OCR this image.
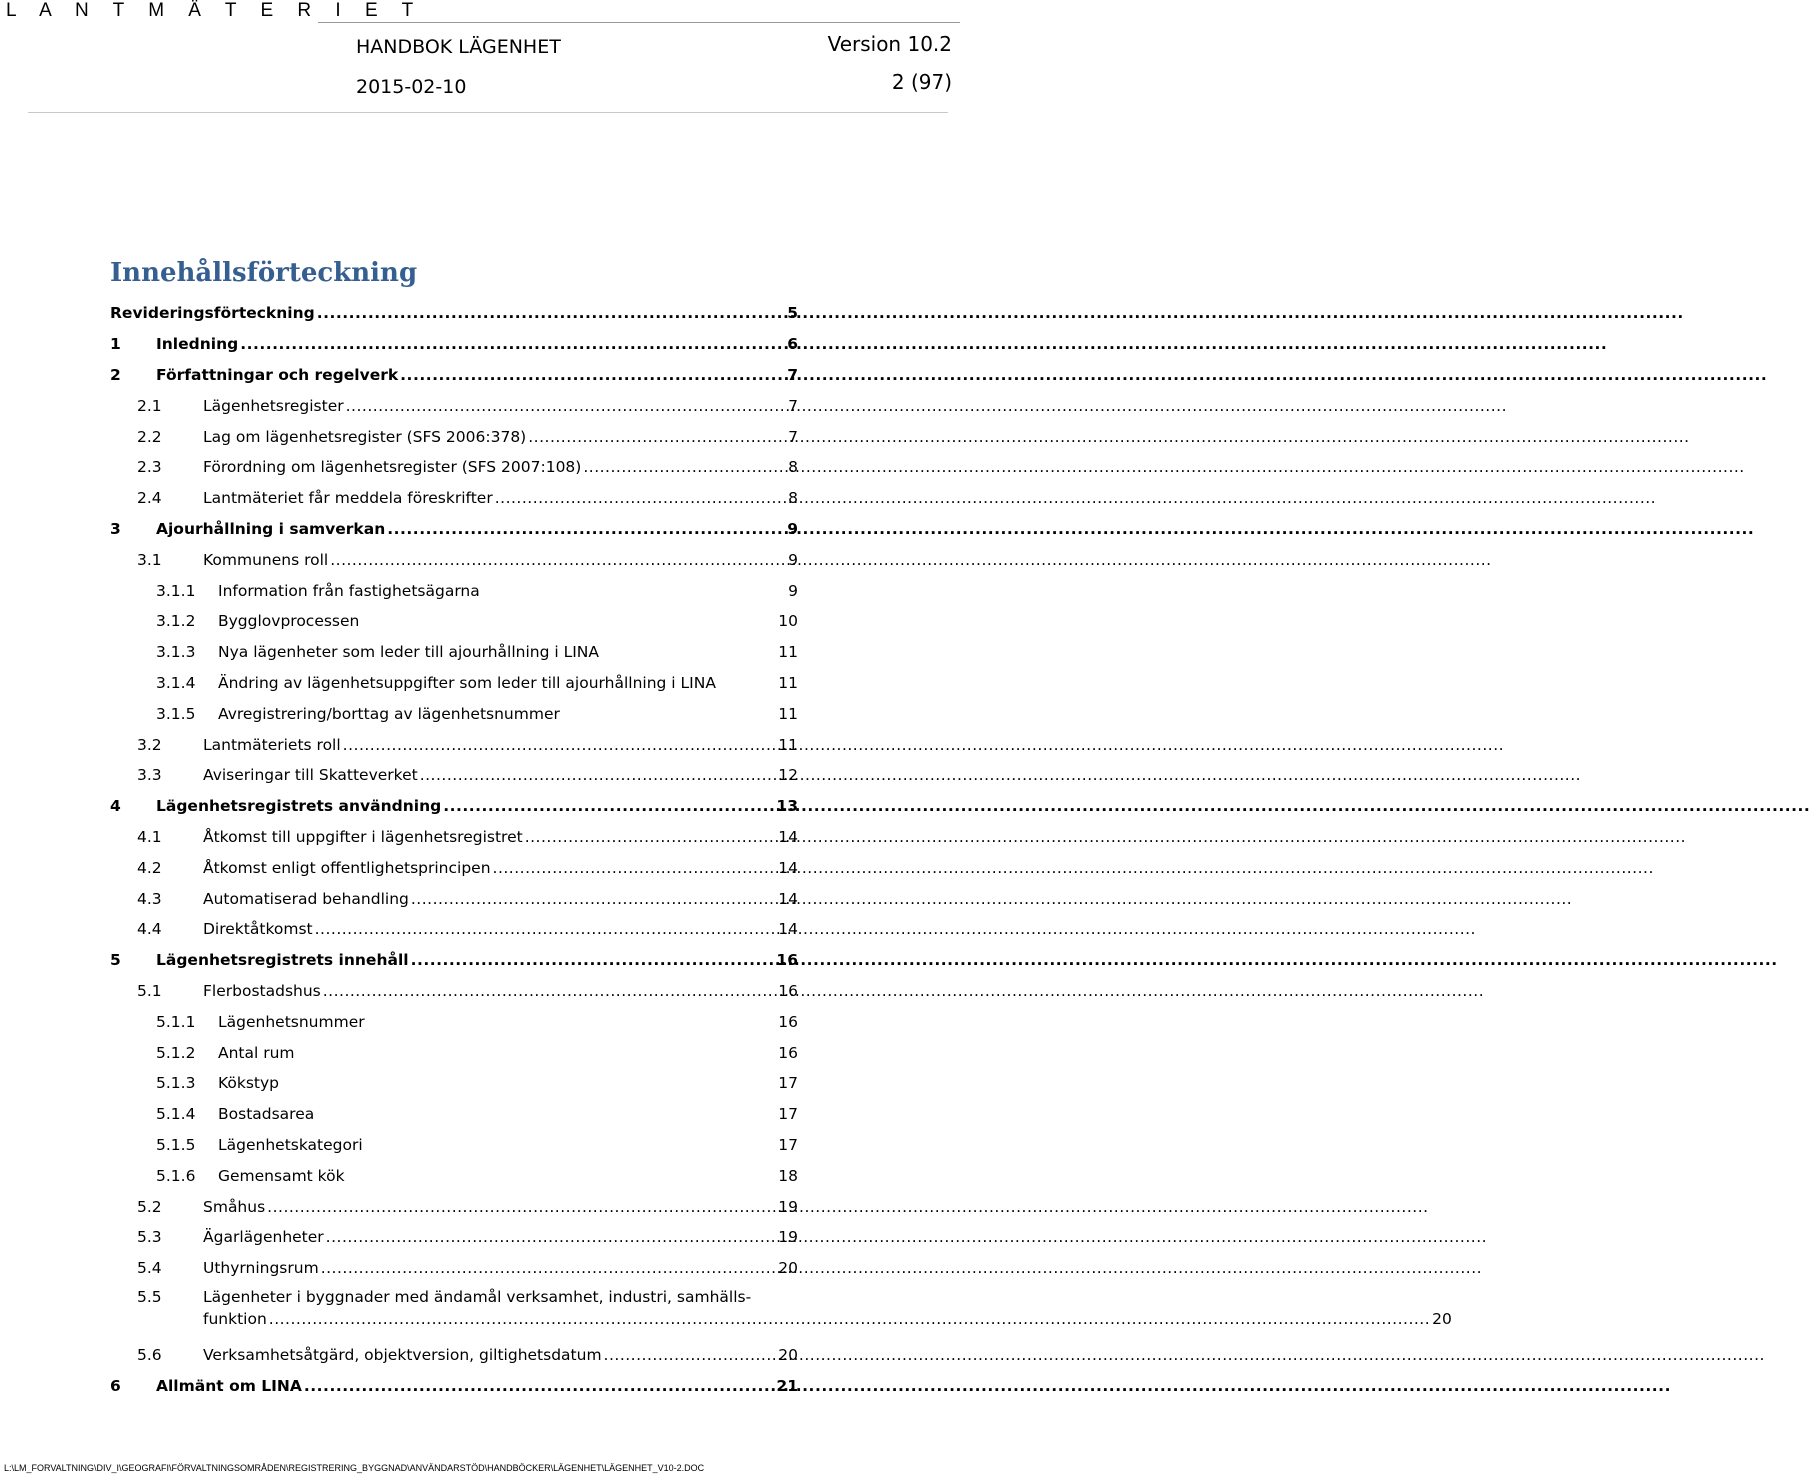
L A N T M Ä T E R I E T
HANDBOK LÄGENHET	Version 10.2
2015-02-10	2 (97)
Innehållsförteckning
Revideringsförteckning .....	5
1	Inledning .....	6
2	Författningar och regelverk .....	7
2.1	Lägenhetsregister .....	7
2.2	Lag om lägenhetsregister (SFS 2006:378) .....	7
2.3	Förordning om lägenhetsregister (SFS 2007:108) .....	8
2.4	Lantmäteriet får meddela föreskrifter .....	8
3	Ajourhållning i samverkan .....	9
3.1	Kommunens roll .....	9
3.1.1	Information från fastighetsägarna	9
3.1.2	Bygglovprocessen	10
3.1.3	Nya lägenheter som leder till ajourhållning i LINA	11
3.1.4	Ändring av lägenhetsuppgifter som leder till ajourhållning i LINA	11
3.1.5	Avregistrering/borttag av lägenhetsnummer	11
3.2	Lantmäteriets roll .....	11
3.3	Aviseringar till Skatteverket .....	12
4	Lägenhetsregistrets användning .....	13
4.1	Åtkomst till uppgifter i lägenhetsregistret .....	14
4.2	Åtkomst enligt offentlighetsprincipen .....	14
4.3	Automatiserad behandling .....	14
4.4	Direktåtkomst .....	14
5	Lägenhetsregistrets innehåll .....	16
5.1	Flerbostadshus .....	16
5.1.1	Lägenhetsnummer	16
5.1.2	Antal rum	16
5.1.3	Kökstyp	17
5.1.4	Bostadsarea	17
5.1.5	Lägenhetskategori	17
5.1.6	Gemensamt kök	18
5.2	Småhus .....	19
5.3	Ägarlägenheter .....	19
5.4	Uthyrningsrum .....	20
5.5	Lägenheter i byggnader med ändamål verksamhet, industri, samhälls-
funktion .....	20
5.6	Verksamhetsåtgärd, objektversion, giltighetsdatum .....	20
6	Allmänt om LINA .....	21
L:\LM_FORVALTNING\DIV_I\GEOGRAFI\FÖRVALTNINGSOMRÅDEN\REGISTRERING_BYGGNAD\ANVÄNDARSTÖD\HANDBÖCKER\LÄGENHET\LÄGENHET_V10-2.DOC
